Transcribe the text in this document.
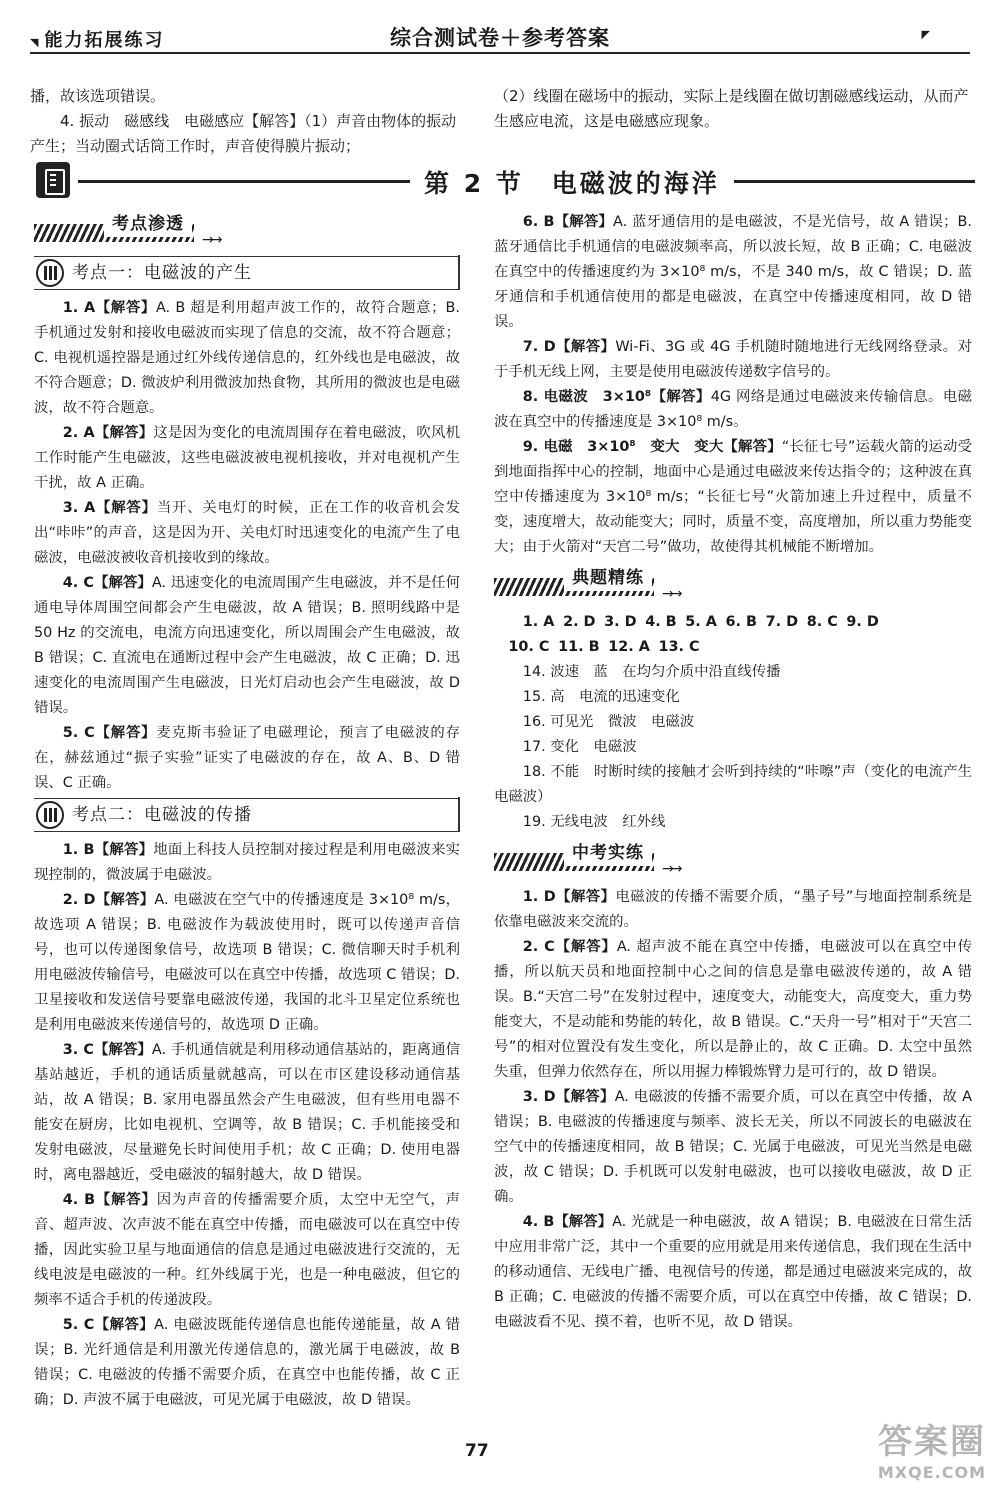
◥ 能力拓展练习	综合测试卷＋参考答案	◤

播，故该选项错误。

4. 振动　磁感线　电磁感应【解答】（1）声音由物体的振动产生；当动圈式话筒工作时，声音使得膜片振动；

（2）线圈在磁场中的振动，实际上是线圈在做切割磁感线运动，从而产生感应电流，这是电磁感应现象。

第 2 节　电磁波的海洋
考点渗透
→→
考点一：电磁波的产生

1. A【解答】A. B 超是利用超声波工作的，故符合题意；B. 手机通过发射和接收电磁波而实现了信息的交流，故不符合题意；C. 电视机遥控器是通过红外线传递信息的，红外线也是电磁波，故不符合题意；D. 微波炉利用微波加热食物，其所用的微波也是电磁波，故不符合题意。

2. A【解答】这是因为变化的电流周围存在着电磁波，吹风机工作时能产生电磁波，这些电磁波被电视机接收，并对电视机产生干扰，故 A 正确。

3. A【解答】当开、关电灯的时候，正在工作的收音机会发出“咔咔”的声音，这是因为开、关电灯时迅速变化的电流产生了电磁波，电磁波被收音机接收到的缘故。

4. C【解答】A. 迅速变化的电流周围产生电磁波，并不是任何通电导体周围空间都会产生电磁波，故 A 错误；B. 照明线路中是 50 Hz 的交流电，电流方向迅速变化，所以周围会产生电磁波，故 B 错误；C. 直流电在通断过程中会产生电磁波，故 C 正确；D. 迅速变化的电流周围产生电磁波，日光灯启动也会产生电磁波，故 D 错误。

5. C【解答】麦克斯韦验证了电磁理论，预言了电磁波的存在，赫兹通过“振子实验”证实了电磁波的存在，故 A、B、D 错误、C 正确。

考点二：电磁波的传播

1. B【解答】地面上科技人员控制对接过程是利用电磁波来实现控制的，微波属于电磁波。

2. D【解答】A. 电磁波在空气中的传播速度是 3×10⁸ m/s，故选项 A 错误；B. 电磁波作为载波使用时，既可以传递声音信号，也可以传递图象信号，故选项 B 错误；C. 微信聊天时手机利用电磁波传输信号，电磁波可以在真空中传播，故选项 C 错误；D. 卫星接收和发送信号要靠电磁波传递，我国的北斗卫星定位系统也是利用电磁波来传递信号的，故选项 D 正确。

3. C【解答】A. 手机通信就是利用移动通信基站的，距离通信基站越近，手机的通话质量就越高，可以在市区建设移动通信基站，故 A 错误；B. 家用电器虽然会产生电磁波，但有些用电器不能安在厨房，比如电视机、空调等，故 B 错误；C. 手机能接受和发射电磁波，尽量避免长时间使用手机；故 C 正确；D. 使用电器时，离电器越近，受电磁波的辐射越大，故 D 错误。

4. B【解答】因为声音的传播需要介质，太空中无空气，声音、超声波、次声波不能在真空中传播，而电磁波可以在真空中传播，因此实验卫星与地面通信的信息是通过电磁波进行交流的，无线电波是电磁波的一种。红外线属于光，也是一种电磁波，但它的频率不适合手机的传递波段。

5. C【解答】A. 电磁波既能传递信息也能传递能量，故 A 错误；B. 光纤通信是利用激光传递信息的，激光属于电磁波，故 B 错误；C. 电磁波的传播不需要介质，在真空中也能传播，故 C 正确；D. 声波不属于电磁波，可见光属于电磁波，故 D 错误。

6. B【解答】A. 蓝牙通信用的是电磁波，不是光信号，故 A 错误；B. 蓝牙通信比手机通信的电磁波频率高，所以波长短，故 B 正确；C. 电磁波在真空中的传播速度约为 3×10⁸ m/s，不是 340 m/s，故 C 错误；D. 蓝牙通信和手机通信使用的都是电磁波，在真空中传播速度相同，故 D 错误。

7. D【解答】Wi-Fi、3G 或 4G 手机随时随地进行无线网络登录。对于手机无线上网，主要是使用电磁波传递数字信号的。

8. 电磁波　3×10⁸【解答】4G 网络是通过电磁波来传输信息。电磁波在真空中的传播速度是 3×10⁸ m/s。

9. 电磁　3×10⁸　变大　变大【解答】“长征七号”运载火箭的运动受到地面指挥中心的控制，地面中心是通过电磁波来传达指令的；这种波在真空中传播速度为 3×10⁸ m/s；“长征七号”火箭加速上升过程中，质量不变，速度增大，故动能变大；同时，质量不变，高度增加，所以重力势能变大；由于火箭对“天宫二号”做功，故使得其机械能不断增加。

典题精练
→→

1. A 2. D 3. D 4. B 5. A 6. B 7. D 8. C 9. D

10. C 11. B 12. A 13. C

14. 波速　蓝　在均匀介质中沿直线传播

15. 高　电流的迅速变化

16. 可见光　微波　电磁波

17. 变化　电磁波

18. 不能　时断时续的接触才会听到持续的“咔嚓”声（变化的电流产生电磁波）

19. 无线电波　红外线

中考实练
→→

1. D【解答】电磁波的传播不需要介质，“墨子号”与地面控制系统是依靠电磁波来交流的。

2. C【解答】A. 超声波不能在真空中传播，电磁波可以在真空中传播，所以航天员和地面控制中心之间的信息是靠电磁波传递的，故 A 错误。B.“天宫二号”在发射过程中，速度变大，动能变大，高度变大，重力势能变大，不是动能和势能的转化，故 B 错误。C.“天舟一号”相对于“天宫二号”的相对位置没有发生变化，所以是静止的，故 C 正确。D. 太空中虽然失重，但弹力依然存在，所以用握力棒锻炼臂力是可行的，故 D 错误。

3. D【解答】A. 电磁波的传播不需要介质，可以在真空中传播，故 A 错误；B. 电磁波的传播速度与频率、波长无关，所以不同波长的电磁波在空气中的传播速度相同，故 B 错误；C. 光属于电磁波，可见光当然是电磁波，故 C 错误；D. 手机既可以发射电磁波，也可以接收电磁波，故 D 正确。

4. B【解答】A. 光就是一种电磁波，故 A 错误；B. 电磁波在日常生活中应用非常广泛，其中一个重要的应用就是用来传递信息，我们现在生活中的移动通信、无线电广播、电视信号的传递，都是通过电磁波来完成的，故 B 正确；C. 电磁波的传播不需要介质，可以在真空中传播，故 C 错误；D. 电磁波看不见、摸不着，也听不见，故 D 错误。

77	答案圈
MXQE.COM
